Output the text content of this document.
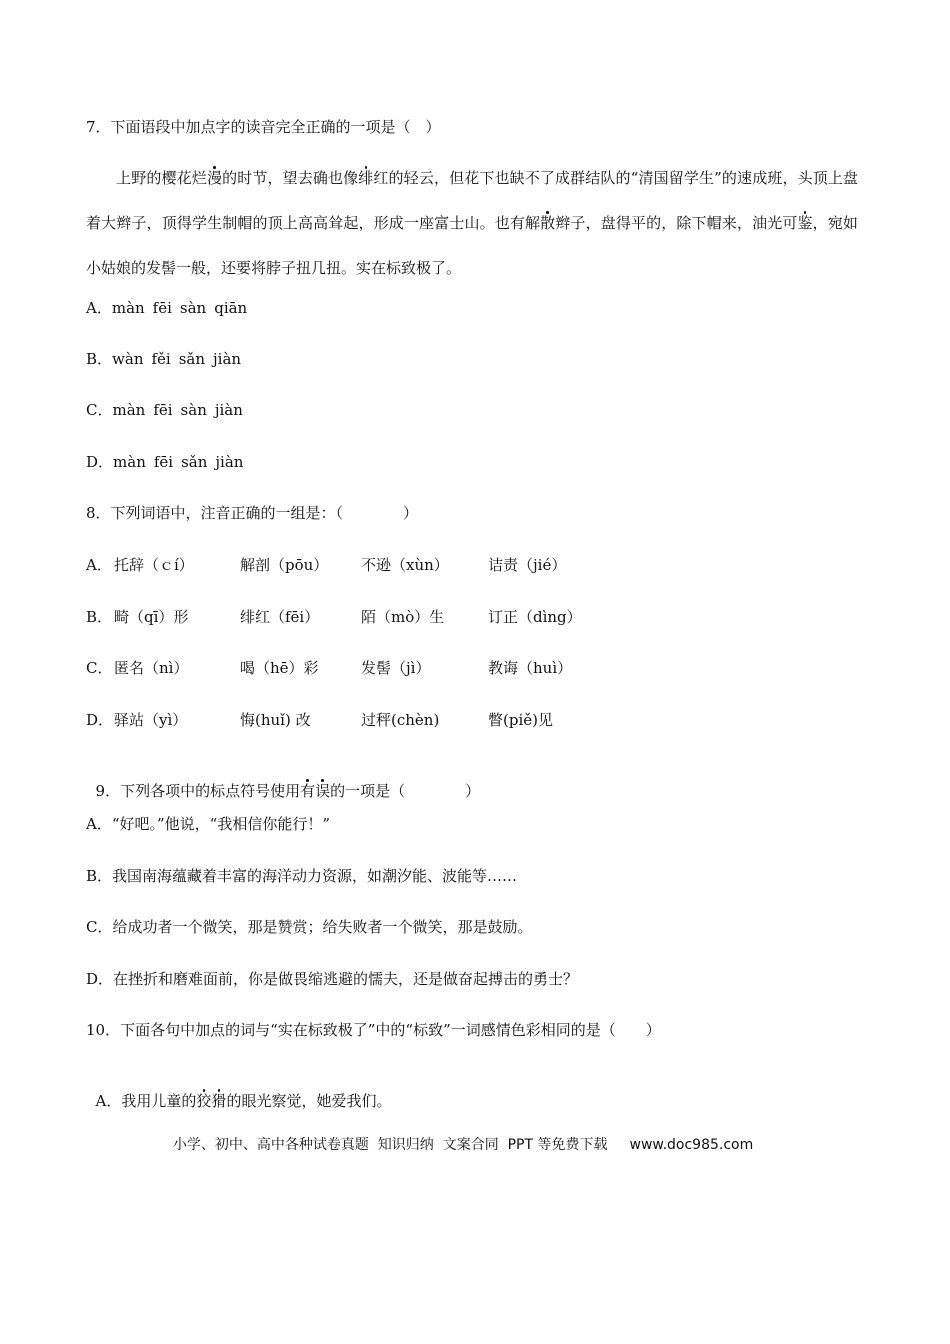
7．下面语段中加点字的读音完全正确的一项是（　）
上野的樱花烂漫的时节，望去确也像绯红的轻云，但花下也缺不了成群结队的“清国留学生”的速成班，头顶上盘着大辫子，顶得学生制帽的顶上高高耸起，形成一座富士山。也有解散辫子，盘得平的，除下帽来，油光可鉴，宛如小姑娘的发髻一般，还要将脖子扭几扭。实在标致极了。
A．màn fēi sàn qiān
B．wàn fěi sǎn jiàn
C．màn fēi sàn jiàn
D．màn fēi sǎn jiàn
8．下列词语中，注音正确的一组是：（　　　　）
A． 托辞（ｃí）	解剖（pōu） 不逊（xùn）	诘责（jié）
B． 畸（qī）形	绯红（fēi）	陌（mò）生	订正（dìng）
C． 匿名（nì）	喝（hē）彩	发髻（jì）	教诲（huì）
D． 驿站（yì）	悔(huǐ) 改	过秤(chèn)	瞥(piě)见

9．下列各项中的标点符号使用有误的一项是（　　　　）

A．“好吧。”他说，“我相信你能行！”
B．我国南海蕴藏着丰富的海洋动力资源，如潮汐能、波能等……
C．给成功者一个微笑，那是赞赏；给失败者一个微笑，那是鼓励。
D．在挫折和磨难面前，你是做畏缩逃避的懦夫，还是做奋起搏击的勇士？
10．下面各句中加点的词与“实在标致极了”中的“标致”一词感情色彩相同的是（　　）

A．我用儿童的狡猾的眼光察觉，她爱我们。

小学、初中、高中各种试卷真题  知识归纳  文案合同  PPT 等免费下载 www.doc985.com
